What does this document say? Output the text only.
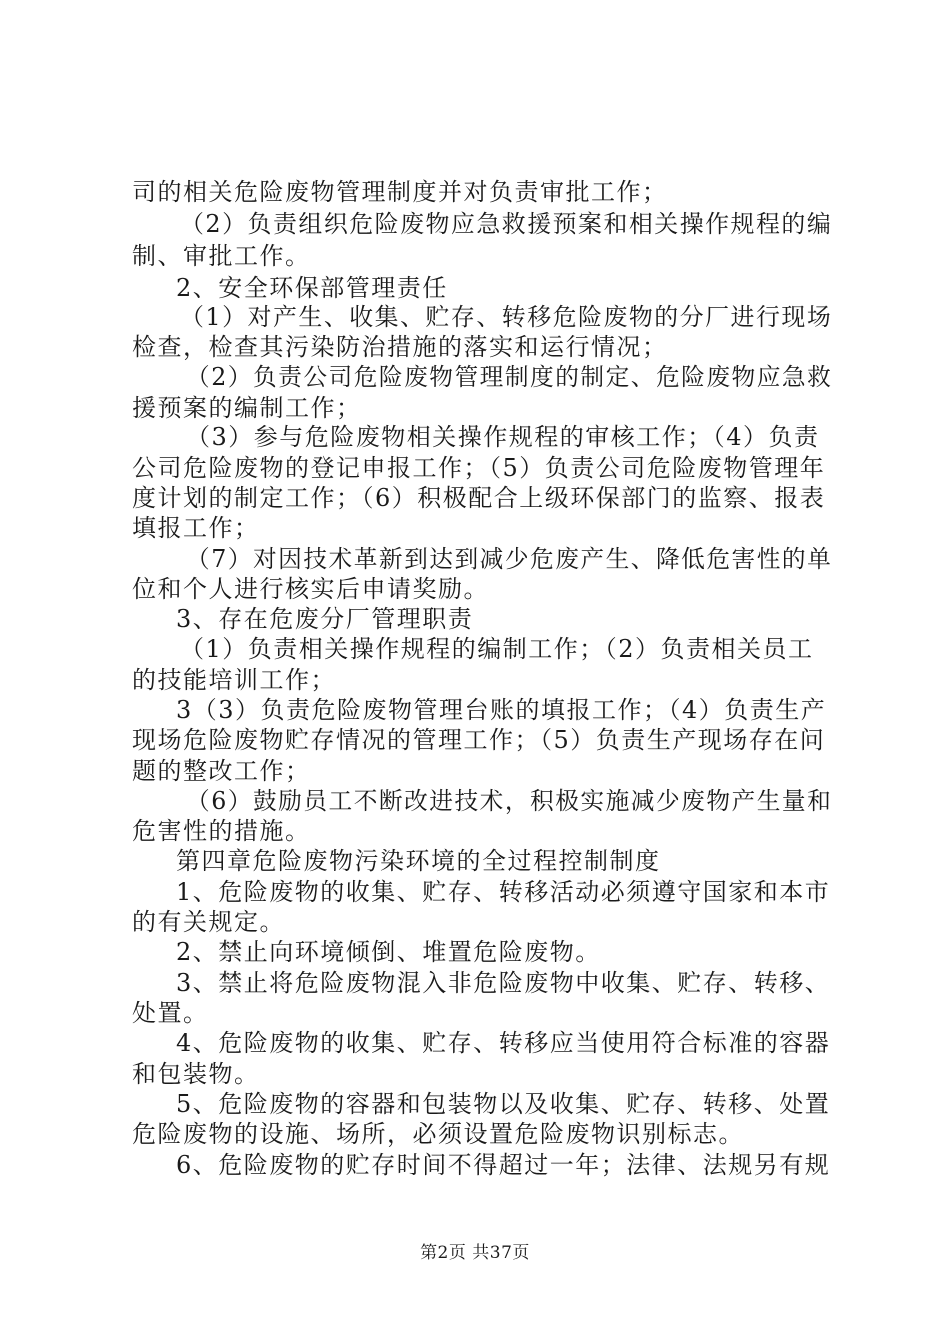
司的相关危险废物管理制度并对负责审批工作；
（2）负责组织危险废物应急救援预案和相关操作规程的编
制、审批工作。
2、安全环保部管理责任
（1）对产生、收集、贮存、转移危险废物的分厂进行现场
检查，检查其污染防治措施的落实和运行情况；
（2）负责公司危险废物管理制度的制定、危险废物应急救
援预案的编制工作；
（3）参与危险废物相关操作规程的审核工作；（4）负责
公司危险废物的登记申报工作；（5）负责公司危险废物管理年
度计划的制定工作；（6）积极配合上级环保部门的监察、报表
填报工作；
（7）对因技术革新到达到减少危废产生、降低危害性的单
位和个人进行核实后申请奖励。
3、存在危废分厂管理职责
（1）负责相关操作规程的编制工作；（2）负责相关员工
的技能培训工作；
3（3）负责危险废物管理台账的填报工作；（4）负责生产
现场危险废物贮存情况的管理工作；（5）负责生产现场存在问
题的整改工作；
（6）鼓励员工不断改进技术，积极实施减少废物产生量和
危害性的措施。
第四章危险废物污染环境的全过程控制制度
1、危险废物的收集、贮存、转移活动必须遵守国家和本市
的有关规定。
2、禁止向环境倾倒、堆置危险废物。
3、禁止将危险废物混入非危险废物中收集、贮存、转移、
处置。
4、危险废物的收集、贮存、转移应当使用符合标准的容器
和包装物。
5、危险废物的容器和包装物以及收集、贮存、转移、处置
危险废物的设施、场所，必须设置危险废物识别标志。
6、危险废物的贮存时间不得超过一年；法律、法规另有规
第2页 共37页
